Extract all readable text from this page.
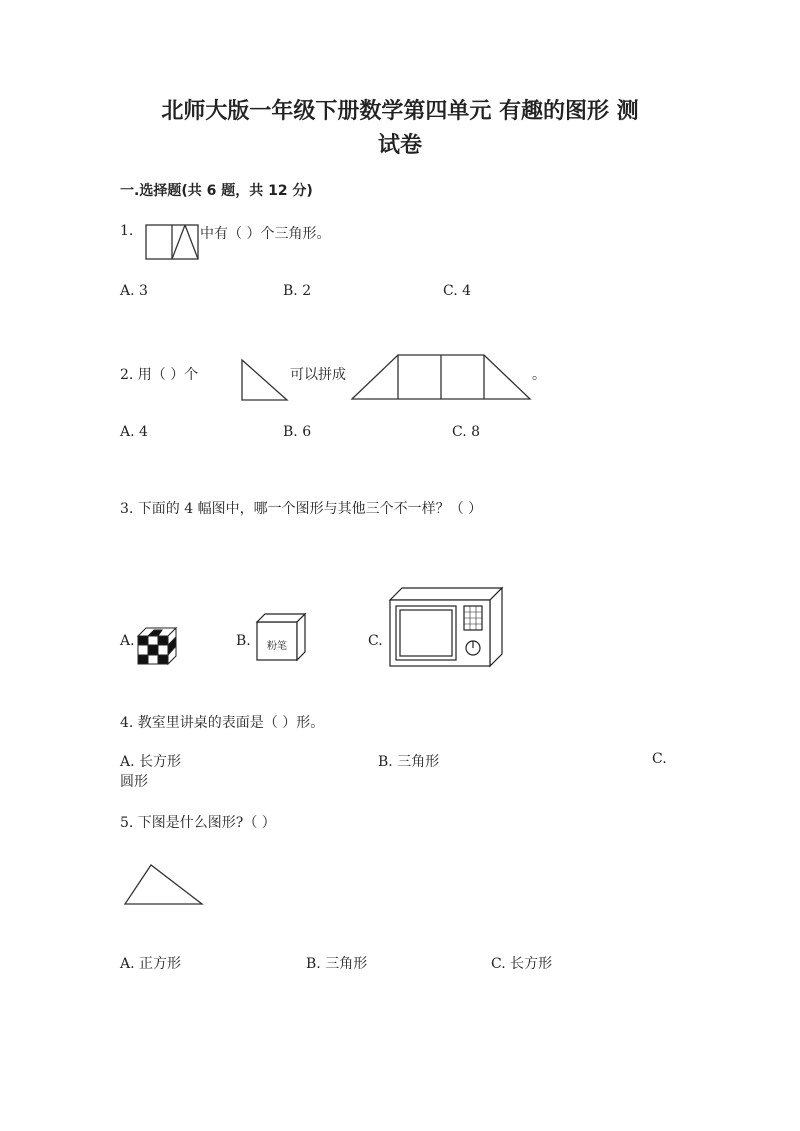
北师大版一年级下册数学第四单元 有趣的图形 测
试卷
一.选择题(共 6 题，共 12 分)
1.	中有（ ）个三角形。
A. 3	B. 2	C. 4
2. 用（ ）个	可以拼成	。
A. 4	B. 6	C. 8
3. 下面的 4 幅图中，哪一个图形与其他三个不一样？（ ）
A.	B.	粉笔	C.
4. 教室里讲桌的表面是（ ）形。
A. 长方形	B. 三角形	C.
圆形
5. 下图是什么图形?（ ）
A. 正方形	B. 三角形	C. 长方形
